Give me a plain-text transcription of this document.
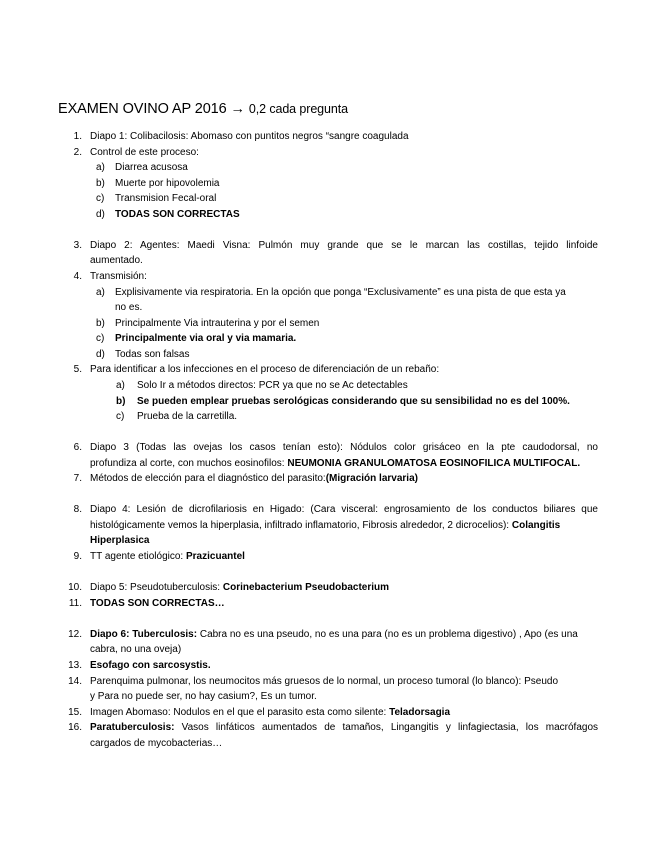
EXAMEN OVINO AP 2016 → 0,2 cada pregunta
1. Diapo 1: Colibacilosis: Abomaso con puntitos negros “sangre coagulada
2. Control de este proceso:
a) Diarrea acusosa
b) Muerte por hipovolemia
c) Transmision Fecal-oral
d) TODAS SON CORRECTAS
3. Diapo 2: Agentes: Maedi Visna: Pulmón muy grande que se le marcan las costillas, tejido linfoide
aumentado.
4. Transmisión:
a) Explisivamente via respiratoria. En la opción que ponga “Exclusivamente” es una pista de que esta ya
no es.
b) Principalmente Via intrauterina y por el semen
c) Principalmente via oral y via mamaria.
d) Todas son falsas
5. Para identificar a los infecciones en el proceso de diferenciación de un rebaño:
a) Solo Ir a métodos directos: PCR ya que no se Ac detectables
b) Se pueden emplear pruebas serológicas considerando que su sensibilidad no es del 100%.
c) Prueba de la carretilla.
6. Diapo 3 (Todas las ovejas los casos tenían esto): Nódulos color grisáceo en la pte caudodorsal, no
profundiza al corte, con muchos eosinofilos: NEUMONIA GRANULOMATOSA EOSINOFILICA MULTIFOCAL.
7. Métodos de elección para el diagnóstico del parasito:(Migración larvaria)
8. Diapo 4: Lesión de dicrofilariosis en Higado: (Cara visceral: engrosamiento de los conductos biliares que
histológicamente vemos la hiperplasia, infiltrado inflamatorio, Fibrosis alrededor, 2 dicrocelios): Colangitis
Hiperplasica
9. TT agente etiológico: Prazicuantel
10. Diapo 5: Pseudotuberculosis: Corinebacterium Pseudobacterium
11. TODAS SON CORRECTAS…
12. Diapo 6: Tuberculosis: Cabra no es una pseudo, no es una para (no es un problema digestivo) , Apo (es una
cabra, no una oveja)
13. Esofago con sarcosystis.
14. Parenquima pulmonar, los neumocitos más gruesos de lo normal, un proceso tumoral (lo blanco): Pseudo
y Para no puede ser, no hay casium?, Es un tumor.
15. Imagen Abomaso: Nodulos en el que el parasito esta como silente: Teladorsagia
16. Paratuberculosis: Vasos linfáticos aumentados de tamaños, Lingangitis y linfagiectasia, los macrófagos
cargados de mycobacterias…
